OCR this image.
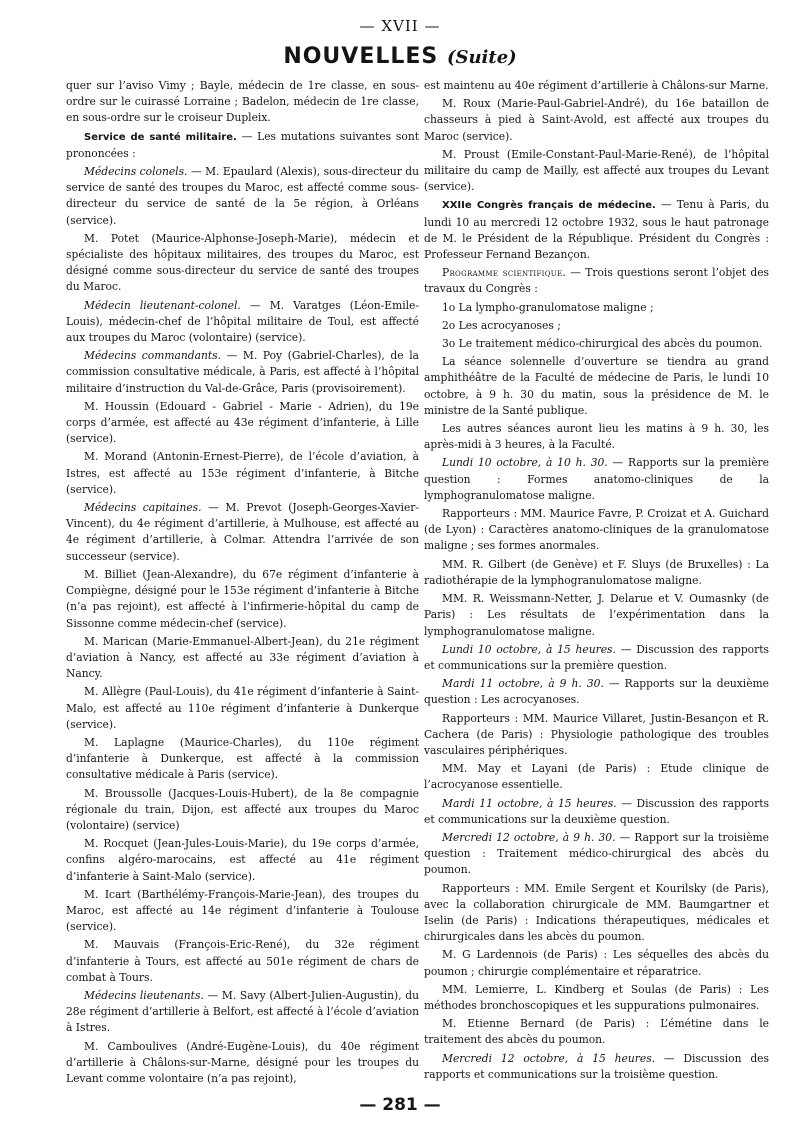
— XVII —
NOUVELLES (Suite)

quer sur l’aviso Vimy ; Bayle, médecin de 1re classe, en sous-ordre sur le cuirassé Lorraine ; Badelon, médecin de 1re classe, en sous-ordre sur le croiseur Dupleix.

Service de santé militaire. — Les mutations suivantes sont prononcées :

Médecins colonels. — M. Epaulard (Alexis), sous-directeur du service de santé des troupes du Maroc, est affecté comme sous-directeur du service de santé de la 5e région, à Orléans (service).

M. Potet (Maurice-Alphonse-Joseph-Marie), médecin et spécialiste des hôpitaux militaires, des troupes du Maroc, est désigné comme sous-directeur du service de santé des troupes du Maroc.

Médecin lieutenant-colonel. — M. Varatges (Léon-Emile-Louis), médecin-chef de l’hôpital militaire de Toul, est affecté aux troupes du Maroc (volontaire) (service).

Médecins commandants. — M. Poy (Gabriel-Charles), de la commission consultative médicale, à Paris, est affecté à l’hôpital militaire d’instruction du Val-de-Grâce, Paris (provisoirement).

M. Houssin (Edouard - Gabriel - Marie - Adrien), du 19e corps d’armée, est affecté au 43e régiment d’infanterie, à Lille (service).

M. Morand (Antonin-Ernest-Pierre), de l’école d’aviation, à Istres, est affecté au 153e régiment d’infanterie, à Bitche (service).

Médecins capitaines. — M. Prevot (Joseph-Georges-Xavier-Vincent), du 4e régiment d’artillerie, à Mulhouse, est affecté au 4e régiment d’artillerie, à Colmar. Attendra l’arrivée de son successeur (service).

M. Billiet (Jean-Alexandre), du 67e régiment d’infanterie à Compiègne, désigné pour le 153e régiment d’infanterie à Bitche (n’a pas rejoint), est affecté à l’infirmerie-hôpital du camp de Sissonne comme médecin-chef (service).

M. Marican (Marie-Emmanuel-Albert-Jean), du 21e régiment d’aviation à Nancy, est affecté au 33e régiment d’aviation à Nancy.

M. Allègre (Paul-Louis), du 41e régiment d’infanterie à Saint-Malo, est affecté au 110e régiment d’infanterie à Dunkerque (service).

M. Laplagne (Maurice-Charles), du 110e régiment d’infanterie à Dunkerque, est affecté à la commission consultative médicale à Paris (service).

M. Broussolle (Jacques-Louis-Hubert), de la 8e compagnie régionale du train, Dijon, est affecté aux troupes du Maroc (volontaire) (service)

M. Rocquet (Jean-Jules-Louis-Marie), du 19e corps d’armée, confins algéro-marocains, est affecté au 41e régiment d’infanterie à Saint-Malo (service).

M. Icart (Barthélémy-François-Marie-Jean), des troupes du Maroc, est affecté au 14e régiment d’infanterie à Toulouse (service).

M. Mauvais (François-Eric-René), du 32e régiment d’infanterie à Tours, est affecté au 501e régiment de chars de combat à Tours.

Médecins lieutenants. — M. Savy (Albert-Julien-Augustin), du 28e régiment d’artillerie à Belfort, est affecté à l’école d’aviation à Istres.

M. Camboulives (André-Eugène-Louis), du 40e régiment d’artillerie à Châlons-sur-Marne, désigné pour les troupes du Levant comme volontaire (n’a pas rejoint),

est maintenu au 40e régiment d’artillerie à Châlons-sur Marne.

M. Roux (Marie-Paul-Gabriel-André), du 16e bataillon de chasseurs à pied à Saint-Avold, est affecté aux troupes du Maroc (service).

M. Proust (Emile-Constant-Paul-Marie-René), de l’hôpital militaire du camp de Mailly, est affecté aux troupes du Levant (service).

XXIIe Congrès français de médecine. — Tenu à Paris, du lundi 10 au mercredi 12 octobre 1932, sous le haut patronage de M. le Président de la République. Président du Congrès : Professeur Fernand Bezançon.

Programme scientifique. — Trois questions seront l’objet des travaux du Congrès :

1o La lympho-granulomatose maligne ;

2o Les acrocyanoses ;

3o Le traitement médico-chirurgical des abcès du poumon.

La séance solennelle d’ouverture se tiendra au grand amphithéâtre de la Faculté de médecine de Paris, le lundi 10 octobre, à 9 h. 30 du matin, sous la présidence de M. le ministre de la Santé publique.

Les autres séances auront lieu les matins à 9 h. 30, les après-midi à 3 heures, à la Faculté.

Lundi 10 octobre, à 10 h. 30. — Rapports sur la première question : Formes anatomo-cliniques de la lymphogranulomatose maligne.

Rapporteurs : MM. Maurice Favre, P. Croizat et A. Guichard (de Lyon) : Caractères anatomo-cliniques de la granulomatose maligne ; ses formes anormales.

MM. R. Gilbert (de Genève) et F. Sluys (de Bruxelles) : La radiothérapie de la lymphogranulomatose maligne.

MM. R. Weissmann-Netter, J. Delarue et V. Oumasnky (de Paris) : Les résultats de l’expérimentation dans la lymphogranulomatose maligne.

Lundi 10 octobre, à 15 heures. — Discussion des rapports et communications sur la première question.

Mardi 11 octobre, à 9 h. 30. — Rapports sur la deuxième question : Les acrocyanoses.

Rapporteurs : MM. Maurice Villaret, Justin-Besançon et R. Cachera (de Paris) : Physiologie pathologique des troubles vasculaires périphériques.

MM. May et Layani (de Paris) : Etude clinique de l’acrocyanose essentielle.

Mardi 11 octobre, à 15 heures. — Discussion des rapports et communications sur la deuxième question.

Mercredi 12 octobre, à 9 h. 30. — Rapport sur la troisième question : Traitement médico-chirurgical des abcès du poumon.

Rapporteurs : MM. Emile Sergent et Kourilsky (de Paris), avec la collaboration chirurgicale de MM. Baumgartner et Iselin (de Paris) : Indications thérapeutiques, médicales et chirurgicales dans les abcès du poumon.

M. G Lardennois (de Paris) : Les séquelles des abcès du poumon ; chirurgie complémentaire et réparatrice.

MM. Lemierre, L. Kindberg et Soulas (de Paris) : Les méthodes bronchoscopiques et les suppurations pulmonaires.

M. Etienne Bernard (de Paris) : L’émétine dans le traitement des abcès du poumon.

Mercredi 12 octobre, à 15 heures. — Discussion des rapports et communications sur la troisième question.

— 281 —
